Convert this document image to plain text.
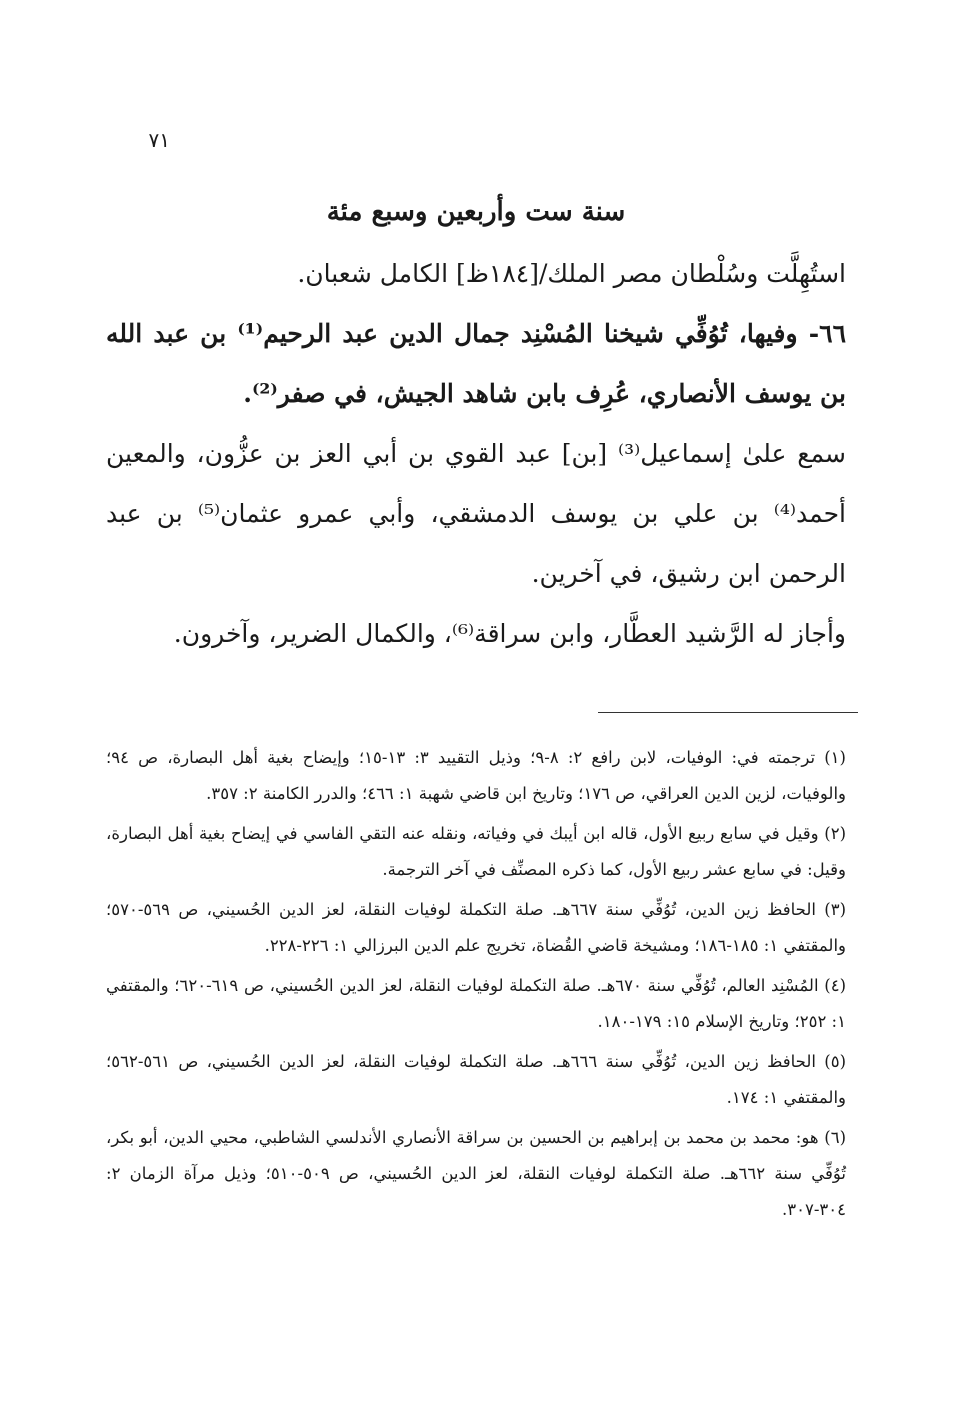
٧١
سنة ست وأربعين وسبع مئة

استُهِلَّت وسُلْطان مصر الملك/[١٨٤ظ] الكامل شعبان.

٦٦- وفيها، تُوُفِّي شيخنا المُسْنِد جمال الدين عبد الرحيم⁽¹⁾ بن عبد الله بن يوسف الأنصاري، عُرِف بابن شاهد الجيش، في صفر⁽²⁾.

سمع علىٰ إسماعيل⁽³⁾ [بن] عبد القوي بن أبي العز بن عزُّون، والمعين أحمد⁽⁴⁾ بن علي بن يوسف الدمشقي، وأبي عمرو عثمان⁽⁵⁾ بن عبد الرحمن ابن رشيق، في آخرين.

وأجاز له الرَّشيد العطَّار، وابن سراقة⁽⁶⁾، والكمال الضرير، وآخرون.

(١) ترجمته في: الوفيات، لابن رافع ٢: ٨-٩؛ وذيل التقييد ٣: ١٣-١٥؛ وإيضاح بغية أهل البصارة، ص ٩٤؛ والوفيات، لزين الدين العراقي، ص ١٧٦؛ وتاريخ ابن قاضي شهبة ١: ٤٦٦؛ والدرر الكامنة ٢: ٣٥٧.

(٢) وقيل في سابع ربيع الأول، قاله ابن أيبك في وفياته، ونقله عنه التقي الفاسي في إيضاح بغية أهل البصارة، وقيل: في سابع عشر ربيع الأول، كما ذكره المصنِّف في آخر الترجمة.

(٣) الحافظ زين الدين، تُوُفِّي سنة ٦٦٧هـ. صلة التكملة لوفيات النقلة، لعز الدين الحُسيني، ص ٥٦٩-٥٧٠؛ والمقتفي ١: ١٨٥-١٨٦؛ ومشيخة قاضي القُضاة، تخريج علم الدين البرزالي ١: ٢٢٦-٢٢٨.

(٤) المُسْنِد العالم، تُوُفِّي سنة ٦٧٠هـ. صلة التكملة لوفيات النقلة، لعز الدين الحُسيني، ص ٦١٩-٦٢٠؛ والمقتفي ١: ٢٥٢؛ وتاريخ الإسلام ١٥: ١٧٩-١٨٠.

(٥) الحافظ زين الدين، تُوُفِّي سنة ٦٦٦هـ. صلة التكملة لوفيات النقلة، لعز الدين الحُسيني، ص ٥٦١-٥٦٢؛ والمقتفي ١: ١٧٤.

(٦) هو: محمد بن محمد بن إبراهيم بن الحسين بن سراقة الأنصاري الأندلسي الشاطبي، محيي الدين، أبو بكر، تُوُفِّي سنة ٦٦٢هـ. صلة التكملة لوفيات النقلة، لعز الدين الحُسيني، ص ٥٠٩-٥١٠؛ وذيل مرآة الزمان ٢: ٣٠٤-٣٠٧.
